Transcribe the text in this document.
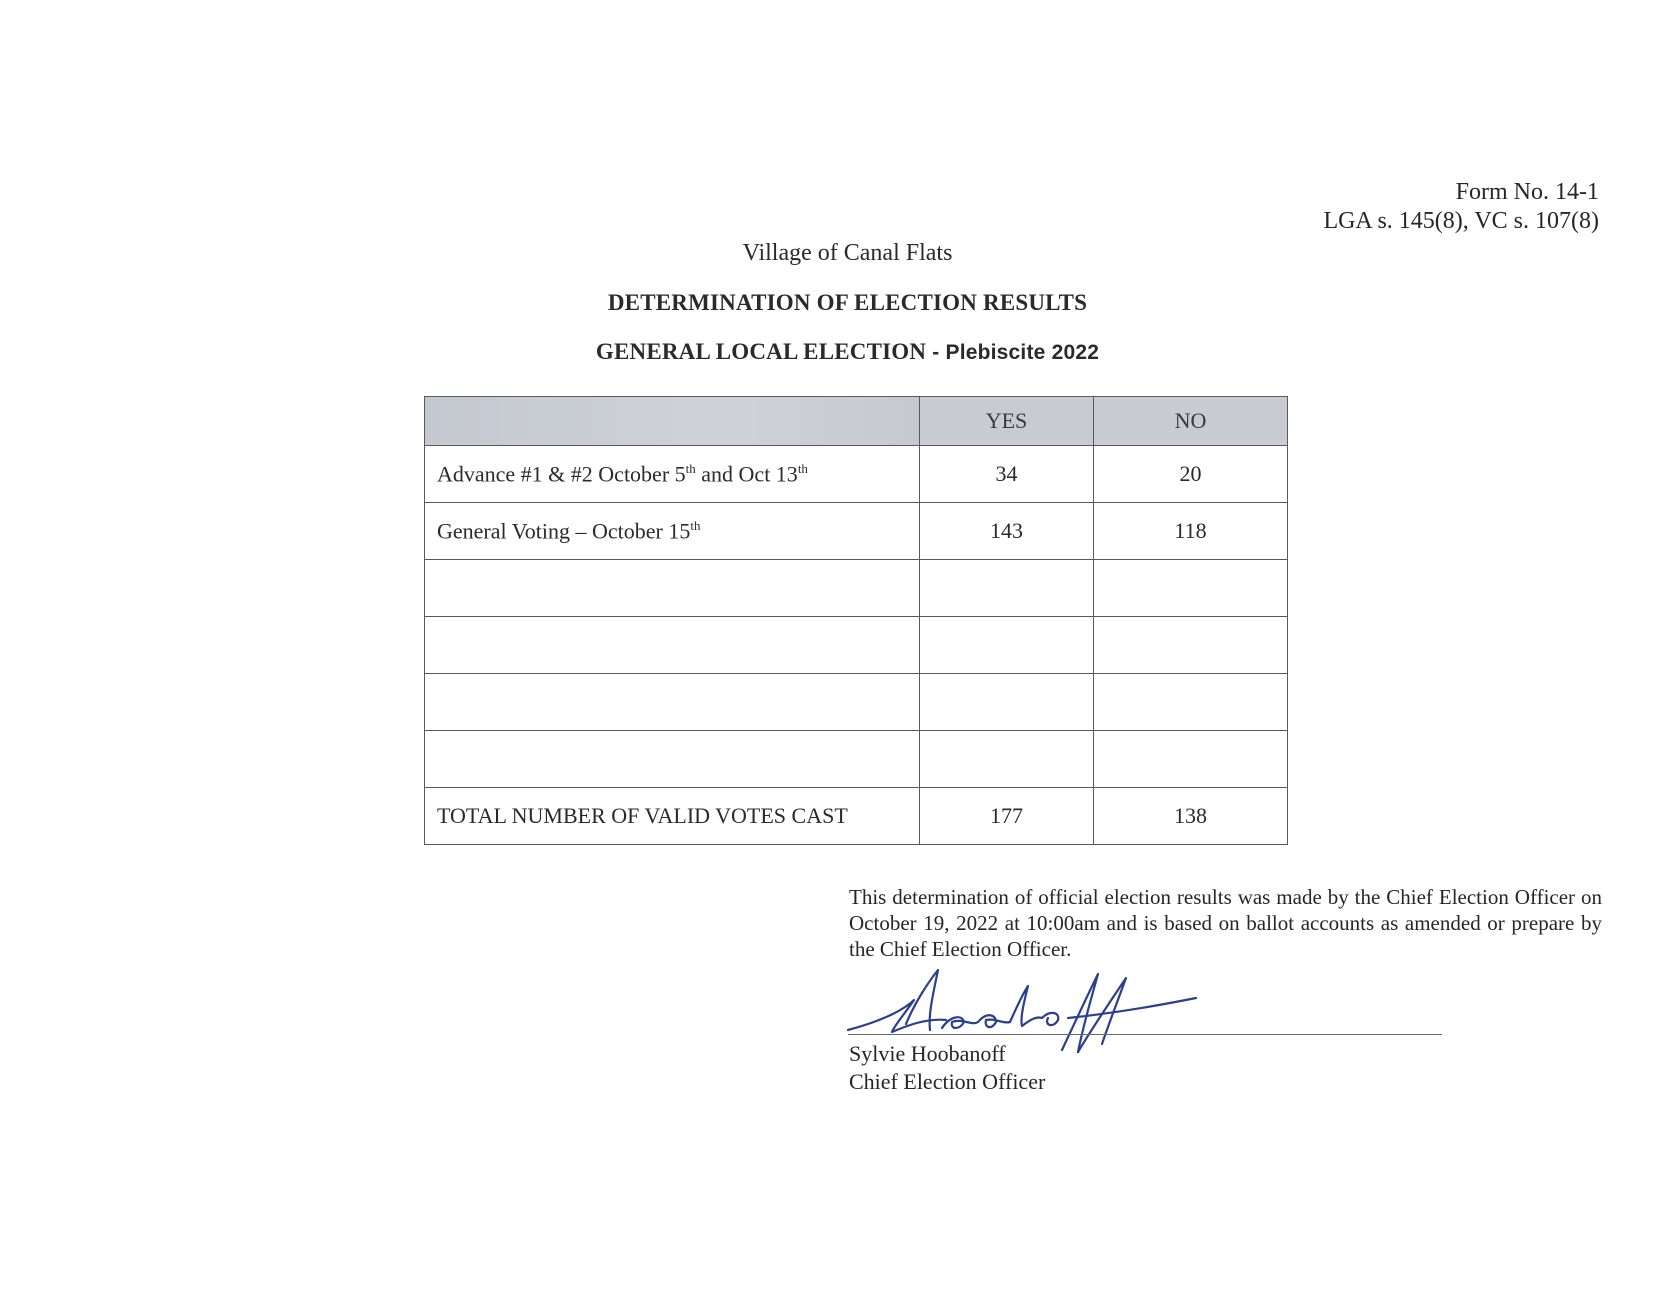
Form No. 14-1
LGA s. 145(8), VC s. 107(8)
Village of Canal Flats
DETERMINATION OF ELECTION RESULTS
GENERAL LOCAL ELECTION - Plebiscite 2022
	YES	NO
Advance #1 & #2 October 5th and Oct 13th	34	20
General Voting – October 15th	143	118

TOTAL NUMBER OF VALID VOTES CAST	177	138
This determination of official election results was made by the Chief Election Officer on October 19, 2022 at 10:00am and is based on ballot accounts as amended or prepare by the Chief Election Officer.
Sylvie Hoobanoff
Chief Election Officer
